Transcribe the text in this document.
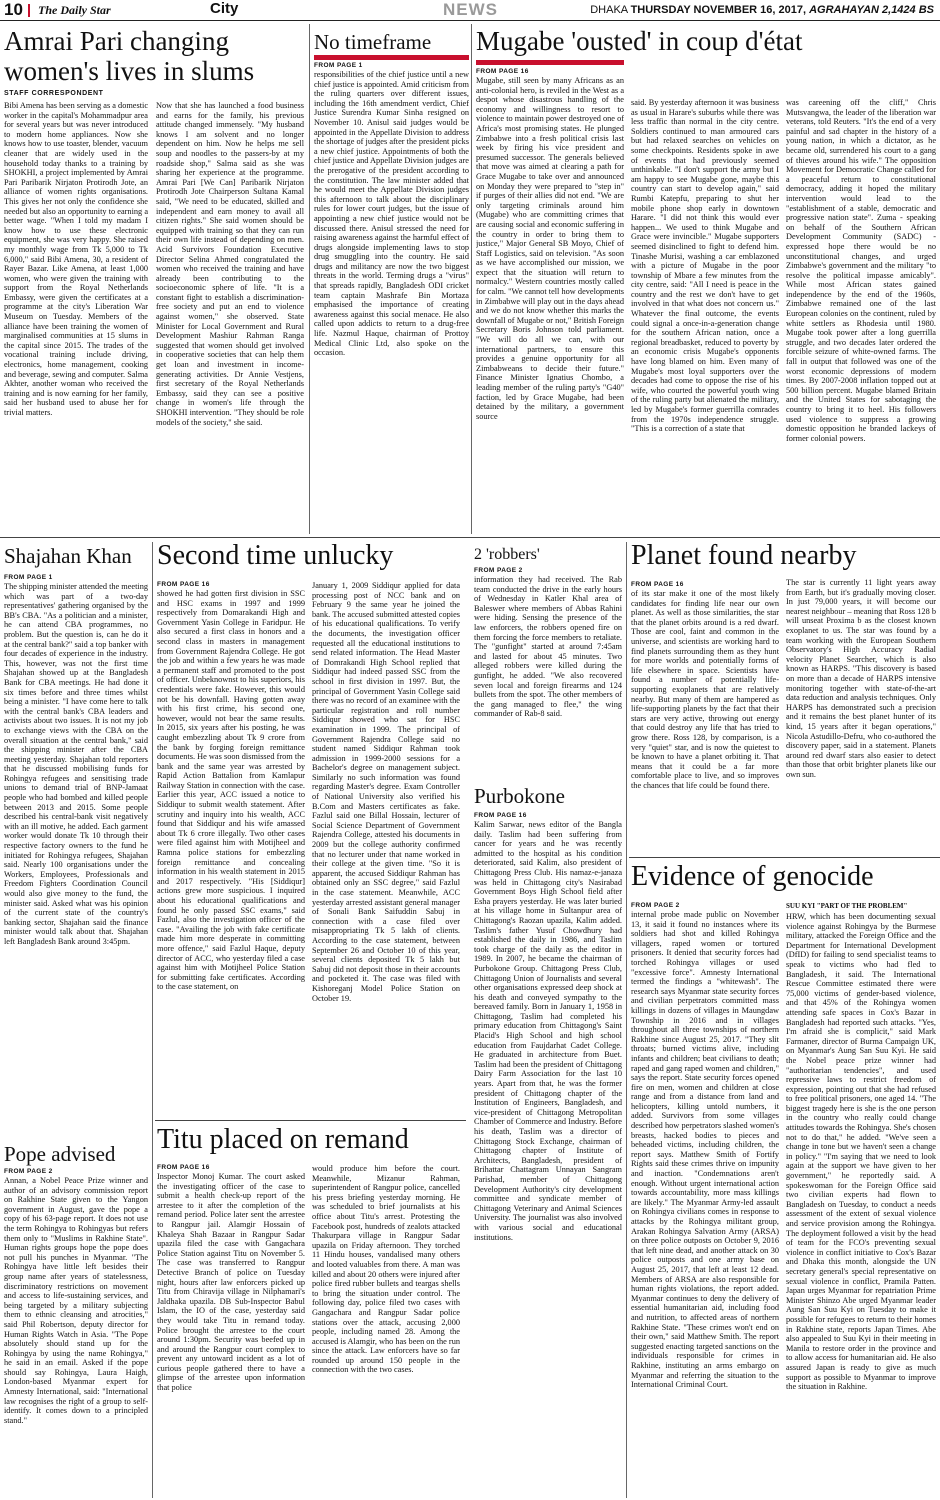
10 The Daily Star	City	NEWS	DHAKA THURSDAY NOVEMBER 16, 2017, AGRAHAYAN 2,1424 BS
Amrai Pari changing
women's lives in slums
STAFF CORRESPONDENT
Bibi Amena has been serving as a domestic worker in the capital's Mohammadpur area for several years but was never introduced to modern home appliances. Now she knows how to use toaster, blender, vacuum cleaner that are widely used in the household today thanks to a training by SHOKHI, a project implemented by Amrai Pari Paribarik Nirjaton Protirodh Jote, an alliance of women rights organisations. This gives her not only the confidence she needed but also an opportunity to earning a better wage. "When I told my madam I know how to use these electronic equipment, she was very happy. She raised my monthly wage from Tk 5,000 to Tk 6,000," said Bibi Amena, 30, a resident of Rayer Bazar. Like Amena, at least 1,000 women, who were given the training with support from the Royal Netherlands Embassy, were given the certificates at a programme at the city's Liberation War Museum on Tuesday. Members of the alliance have been training the women of marginalised communities at 15 slums in the capital since 2015. The trades of the vocational training include driving, electronics, home management, cooking and beverage, sewing and computer. Salma Akhter, another woman who received the training and is now earning for her family, said her husband used to abuse her for trivial matters.
Now that she has launched a food business and earns for the family, his previous attitude changed immensely. "My husband knows I am solvent and no longer dependent on him. Now he helps me sell soup and noodles to the passers-by at my roadside shop," Salma said as she was sharing her experience at the programme. Amrai Pari [We Can] Paribarik Nirjaton Protirodh Jote Chairperson Sultana Kamal said, "We need to be educated, skilled and independent and earn money to avail all citizen rights." She said women should be equipped with training so that they can run their own life instead of depending on men. Acid Survivors Foundation Executive Director Selina Ahmed congratulated the women who received the training and have already been contributing to the socioeconomic sphere of life. "It is a constant fight to establish a discrimination-free society and put an end to violence against women," she observed. State Minister for Local Government and Rural Development Mashiur Rahman Ranga suggested that women should get involved in cooperative societies that can help them get loan and investment in income-generating activities. Dr Annie Vestjens, first secretary of the Royal Netherlands Embassy, said they can see a positive change in women's life through the SHOKHI intervention. "They should be role models of the society," she said.
No timeframe
FROM PAGE 1
responsibilities of the chief justice until a new chief justice is appointed. Amid criticism from the ruling quarters over different issues, including the 16th amendment verdict, Chief Justice Surendra Kumar Sinha resigned on November 10. Anisul said judges would be appointed in the Appellate Division to address the shortage of judges after the president picks a new chief justice. Appointments of both the chief justice and Appellate Division judges are the prerogative of the president according to the constitution. The law minister added that he would meet the Appellate Division judges this afternoon to talk about the disciplinary rules for lower court judges, but the issue of appointing a new chief justice would not be discussed there. Anisul stressed the need for raising awareness against the harmful effect of drugs alongside implementing laws to stop drug smuggling into the country. He said drugs and militancy are now the two biggest threats in the world. Terming drugs a "virus" that spreads rapidly, Bangladesh ODI cricket team captain Mashrafe Bin Mortaza emphasised the importance of creating awareness against this social menace. He also called upon addicts to return to a drug-free life. Nazmul Haque, chairman of Prottoy Medical Clinic Ltd, also spoke on the occasion.
Mugabe 'ousted' in coup d'état
FROM PAGE 16
Mugabe, still seen by many Africans as an anti-colonial hero, is reviled in the West as a despot whose disastrous handling of the economy and willingness to resort to violence to maintain power destroyed one of Africa's most promising states. He plunged Zimbabwe into a fresh political crisis last week by firing his vice president and presumed successor. The generals believed that move was aimed at clearing a path for Grace Mugabe to take over and announced on Monday they were prepared to "step in" if purges of their allies did not end. "We are only targeting criminals around him (Mugabe) who are committing crimes that are causing social and economic suffering in the country in order to bring them to justice," Major General SB Moyo, Chief of Staff Logistics, said on television. "As soon as we have accomplished our mission, we expect that the situation will return to normalcy." Western countries mostly called for calm. "We cannot tell how developments in Zimbabwe will play out in the days ahead and we do not know whether this marks the downfall of Mugabe or not," British Foreign Secretary Boris Johnson told parliament. "We will do all we can, with our international partners, to ensure this provides a genuine opportunity for all Zimbabweans to decide their future." Finance Minister Ignatius Chombo, a leading member of the ruling party's "G40" faction, led by Grace Mugabe, had been detained by the military, a government source
said. By yesterday afternoon it was business as usual in Harare's suburbs while there was less traffic than normal in the city centre. Soldiers continued to man armoured cars but had relaxed searches on vehicles on some checkpoints. Residents spoke in awe of events that had previously seemed unthinkable. "I don't support the army but I am happy to see Mugabe gone, maybe this country can start to develop again," said Rumbi Katepfu, preparing to shut her mobile phone shop early in downtown Harare. "I did not think this would ever happen... We used to think Mugabe and Grace were invincible." Mugabe supporters seemed disinclined to fight to defend him. Tinashe Murisi, washing a car emblazoned with a picture of Mugabe in the poor township of Mbare a few minutes from the city centre, said: "All I need is peace in the country and the rest we don't have to get involved in that what does not concern us." Whatever the final outcome, the events could signal a once-in-a-generation change for the southern African nation, once a regional breadbasket, reduced to poverty by an economic crisis Mugabe's opponents have long blamed on him. Even many of Mugabe's most loyal supporters over the decades had come to oppose the rise of his wife, who courted the powerful youth wing of the ruling party but alienated the military, led by Mugabe's former guerrilla comrades from the 1970s independence struggle. "This is a correction of a state that
was careening off the cliff," Chris Mutsvangwa, the leader of the liberation war veterans, told Reuters. "It's the end of a very painful and sad chapter in the history of a young nation, in which a dictator, as he became old, surrendered his court to a gang of thieves around his wife." The opposition Movement for Democratic Change called for a peaceful return to constitutional democracy, adding it hoped the military intervention would lead to the "establishment of a stable, democratic and progressive nation state". Zuma - speaking on behalf of the Southern African Development Community (SADC) - expressed hope there would be no unconstitutional changes, and urged Zimbabwe's government and the military "to resolve the political impasse amicably". While most African states gained independence by the end of the 1960s, Zimbabwe remained one of the last European colonies on the continent, ruled by white settlers as Rhodesia until 1980. Mugabe took power after a long guerrilla struggle, and two decades later ordered the forcible seizure of white-owned farms. The fall in output that followed was one of the worst economic depressions of modern times. By 2007-2008 inflation topped out at 500 billion percent. Mugabe blamed Britain and the United States for sabotaging the country to bring it to heel. His followers used violence to suppress a growing domestic opposition he branded lackeys of former colonial powers.
Shajahan Khan
FROM PAGE 1
The shipping minister attended the meeting which was part of a two-day representatives' gathering organised by the BB's CBA. "As a politician and a minister, he can attend CBA programmes, no problem. But the question is, can he do it at the central bank?" said a top banker with four decades of experience in the industry. This, however, was not the first time Shajahan showed up at the Bangladesh Bank for CBA meetings. He had done it six times before and three times whilst being a minister. "I have come here to talk with the central bank's CBA leaders and activists about two issues. It is not my job to exchange views with the CBA on the overall situation at the central bank," said the shipping minister after the CBA meeting yesterday. Shajahan told reporters that he discussed mobilising funds for Rohingya refugees and sensitising trade unions to demand trial of BNP-Jamaat people who had bombed and killed people between 2013 and 2015. Some people described his central-bank visit negatively with an ill motive, he added. Each garment worker would donate Tk 10 through their respective factory owners to the fund he initiated for Rohingya refugees, Shajahan said. Nearly 100 organisations under the Workers, Employees, Professionals and Freedom Fighters Coordination Council would also give money to the fund, the minister said. Asked what was his opinion of the current state of the country's banking sector, Shajahan said the finance minister would talk about that. Shajahan left Bangladesh Bank around 3:45pm.
Pope advised
FROM PAGE 2
Annan, a Nobel Peace Prize winner and author of an advisory commission report on Rakhine State given to the Yangon government in August, gave the pope a copy of his 63-page report. It does not use the term Rohingya to Rohingyas but refers them only to "Muslims in Rakhine State". Human rights groups hope the pope does not pull his punches in Myanmar. "The Rohingya have little left besides their group name after years of statelessness, discriminatory restrictions on movement and access to life-sustaining services, and being targeted by a military subjecting them to ethnic cleansing and atrocities," said Phil Robertson, deputy director for Human Rights Watch in Asia. "The Pope absolutely should stand up for the Rohingya by using the name Rohingya," he said in an email. Asked if the pope should say Rohingya, Laura Haigh, London-based Myanmar expert for Amnesty International, said: "International law recognises the right of a group to self-identify. It comes down to a principled stand."
Second time unlucky
FROM PAGE 16
showed he had gotten first division in SSC and HSC exams in 1997 and 1999 respectively from Domarakandi High and Government Yasin College in Faridpur. He also secured a first class in honors and a second class in masters in management from Government Rajendra College. He got the job and within a few years he was made a permanent staff and promoted to the post of officer. Unbeknownst to his superiors, his credentials were fake. However, this would not be his downfall. Having gotten away with his first crime, his second one, however, would not bear the same results. In 2015, six years after his posting, he was caught embezzling about Tk 9 crore from the bank by forging foreign remittance documents. He was soon dismissed from the bank and the same year was arrested by Rapid Action Battalion from Kamlapur Railway Station in connection with the case. Earlier this year, ACC issued a notice to Siddiqur to submit wealth statement. After scrutiny and inquiry into his wealth, ACC found that Siddiqur and his wife amassed about Tk 6 crore illegally. Two other cases were filed against him with Motijheel and Ramna police stations for embezzling foreign remittance and concealing information in his wealth statement in 2015 and 2017 respectively. "His [Siddiqur] actions grew more suspicious. I inquired about his educational qualifications and found he only passed SSC exams," said Fazlul, also the investigation officer of the case. "Availing the job with fake certificate made him more desperate in committing more offence," said Fazlul Haque, deputy director of ACC, who yesterday filed a case against him with Motijheel Police Station for submitting fake certificates. According to the case statement, on
January 1, 2009 Siddiqur applied for data processing post of NCC bank and on February 9 the same year he joined the bank. The accused submitted attested copies of his educational qualifications. To verify the documents, the investigation officer requested all the educational institutions to send related information. The Head Master of Domrakandi High School replied that Siddiqur had indeed passed SSC from the school in first division in 1997. But, the principal of Government Yasin College said there was no record of an examinee with the particular registration and roll number Siddiqur showed who sat for HSC examination in 1999. The principal of Government Rajendra College said no student named Siddiqur Rahman took admission in 1999-2000 sessions for a Bachelor's degree on management subject. Similarly no such information was found regarding Master's degree. Exam Controller of National University also verified his B.Com and Masters certificates as fake. Fazlul said one Billal Hossain, lecturer of Social Science Department of Government Rajendra College, attested his documents in 2009 but the college authority confirmed that no lecturer under that name worked in their college at the given time. "So it is apparent, the accused Siddiqur Rahman has obtained only an SSC degree," said Fazlul in the case statement. Meanwhile, ACC yesterday arrested assistant general manager of Sonali Bank Saifuddin Sabuj in connection with a case filed over misappropriating Tk 5 lakh of clients. According to the case statement, between September 26 and October 10 of this year, several clients deposited Tk 5 lakh but Sabuj did not deposit those in their accounts and pocketed it. The case was filed with Kishoreganj Model Police Station on October 19.
2 'robbers'
FROM PAGE 2
information they had received. The Rab team conducted the drive in the early hours of Wednesday in Katler Khal area of Baleswer where members of Abbas Rahini were hiding. Sensing the presence of the law enforcers, the robbers opened fire on them forcing the force members to retaliate. The "gunfight" started at around 7:45am and lasted for about 45 minutes. Two alleged robbers were killed during the gunfight, he added. "We also recovered seven local and foreign firearms and 124 bullets from the spot. The other members of the gang managed to flee," the wing commander of Rab-8 said.
Purbokone
FROM PAGE 16
Kalim Sarwar, news editor of the Bangla daily. Taslim had been suffering from cancer for years and he was recently admitted to the hospital as his condition deteriorated, said Kalim, also president of Chittagong Press Club. His namaz-e-janaza was held in Chittagong city's Nasirabad Government Boys High School field after Esha prayers yesterday. He was later buried at his village home in Sultanpur area of Chittagong's Raozan upazila, Kalim added. Taslim's father Yusuf Chowdhury had established the daily in 1986, and Taslim took charge of the daily as the editor in 1989. In 2007, he became the chairman of Purbokone Group. Chittagong Press Club, Chittagong Union of Journalists and several other organisations expressed deep shock at his death and conveyed sympathy to the bereaved family. Born in January 1, 1958 in Chittagong, Taslim had completed his primary education from Chittagong's Saint Placid's High School and high school education from Faujdarhat Cadet College. He graduated in architecture from Buet. Taslim had been the president of Chittagong Dairy Farm Association for the last 10 years. Apart from that, he was the former president of Chittagong chapter of the Institution of Engineers, Bangladesh, and vice-president of Chittagong Metropolitan Chamber of Commerce and Industry. Before his death, Taslim was a director of Chittagong Stock Exchange, chairman of Chittagong chapter of Institute of Architects, Bangladesh, president of Brihattar Chattagram Unnayan Sangram Parishad, member of Chittagong Development Authority's city development committee and syndicate member of Chittagong Veterinary and Animal Sciences University. The journalist was also involved with various social and educational institutions.
Planet found nearby
FROM PAGE 16
of its star make it one of the most likely candidates for finding life near our own planet. As well as those similarities, the star that the planet orbits around is a red dwarf. Those are cool, faint and common in the universe, and scientists are working hard to find planets surrounding them as they hunt for more worlds and potentially forms of life elsewhere in space. Scientists have found a number of potentially life-supporting exoplanets that are relatively nearby. But many of them are hampered as life-supporting planets by the fact that their stars are very active, throwing out energy that could destroy any life that has tried to grow there. Ross 128, by comparison, is a very "quiet" star, and is now the quietest to be known to have a planet orbiting it. That means that it could be a far more comfortable place to live, and so improves the chances that life could be found there.
The star is currently 11 light years away from Earth, but it's gradually moving closer. In just 79,000 years, it will become our nearest neighbour – meaning that Ross 128 b will unseat Proxima b as the closest known exoplanet to us. The star was found by a team working with the European Southern Observatory's High Accuracy Radial velocity Planet Searcher, which is also known as HARPS. "This discovery is based on more than a decade of HARPS intensive monitoring together with state-of-the-art data reduction and analysis techniques. Only HARPS has demonstrated such a precision and it remains the best planet hunter of its kind, 15 years after it began operations," Nicola Astudillo-Defru, who co-authored the discovery paper, said in a statement. Planets around red dwarf stars also easier to detect than those that orbit brighter planets like our own sun.
Evidence of genocide
FROM PAGE 2
internal probe made public on November 13, it said it found no instances where its soldiers had shot and killed Rohingya villagers, raped women or tortured prisoners. It denied that security forces had torched Rohingya villages or used "excessive force". Amnesty International termed the findings a "whitewash". The research says Myanmar state security forces and civilian perpetrators committed mass killings in dozens of villages in Maungdaw Township in 2016 and in villages throughout all three townships of northern Rakhine since August 25, 2017. "They slit throats; burned victims alive, including infants and children; beat civilians to death; raped and gang raped women and children," says the report. State security forces opened fire on men, women and children at close range and from a distance from land and helicopters, killing untold numbers, it added. Survivors from some villages described how perpetrators slashed women's breasts, hacked bodies to pieces and beheaded victims, including children, the report says. Matthew Smith of Fortify Rights said these crimes thrive on impunity and inaction. "Condemnations aren't enough. Without urgent international action towards accountability, more mass killings are likely." The Myanmar Army-led assault on Rohingya civilians comes in response to attacks by the Rohingya militant group, Arakan Rohingya Salvation Army (ARSA) on three police outposts on October 9, 2016 that left nine dead, and another attack on 30 police outposts and one army base on August 25, 2017, that left at least 12 dead. Members of ARSA are also responsible for human rights violations, the report added. Myanmar continues to deny the delivery of essential humanitarian aid, including food and nutrition, to affected areas of northern Rakhine State. "These crimes won't end on their own," said Matthew Smith. The report suggested enacting targeted sanctions on the individuals responsible for crimes in Rakhine, instituting an arms embargo on Myanmar and referring the situation to the International Criminal Court.
SUU KYI "PART OF THE PROBLEM"
HRW, which has been documenting sexual violence against Rohingya by the Burmese military, attacked the Foreign Office and the Department for International Development (DfID) for failing to send specialist teams to speak to victims who had fled to Bangladesh, it said. The International Rescue Committee estimated there were 75,000 victims of gender-based violence, and that 45% of the Rohingya women attending safe spaces in Cox's Bazar in Bangladesh had reported such attacks. "Yes, I'm afraid she is complicit," said Mark Farmaner, director of Burma Campaign UK, on Myanmar's Aung San Suu Kyi. He said the Nobel peace prize winner had "authoritarian tendencies", and used repressive laws to restrict freedom of expression, pointing out that she had refused to free political prisoners, one aged 14. "The biggest tragedy here is she is the one person in the country who really could change attitudes towards the Rohingya. She's chosen not to do that," he added. "We've seen a change in tone but we haven't seen a change in policy." "I'm saying that we need to look again at the support we have given to her government," he reportedly said. A spokeswoman for the Foreign Office said two civilian experts had flown to Bangladesh on Tuesday, to conduct a needs assessment of the extent of sexual violence and service provision among the Rohingya. The deployment followed a visit by the head of team for the FCO's preventing sexual violence in conflict initiative to Cox's Bazar and Dhaka this month, alongside the UN secretary general's special representative on sexual violence in conflict, Pramila Patten. Japan urges Myanmar for repatriation Prime Minister Shinzo Abe urged Myanmar leader Aung San Suu Kyi on Tuesday to make it possible for refugees to return to their homes in Rakhine state, reports Japan Times. Abe also appealed to Suu Kyi in their meeting in Manila to restore order in the province and to allow access for humanitarian aid. He also assured Japan is ready to give as much support as possible to Myanmar to improve the situation in Rakhine.
Titu placed on remand
FROM PAGE 16
Inspector Monoj Kumar. The court asked the investigating officer of the case to submit a health check-up report of the arrestee to it after the completion of the remand period. Police later sent the arrestee to Rangpur jail. Alamgir Hossain of Khaleya Shah Bazaar in Rangpur Sadar upazila filed the case with Gangachara Police Station against Titu on November 5. The case was transferred to Rangpur Detective Branch of police on Tuesday night, hours after law enforcers picked up Titu from Chiravija village in Nilphamari's Jaldhaka upazila. DB Sub-Inspector Babul Islam, the IO of the case, yesterday said they would take Titu in remand today. Police brought the arrestee to the court around 1:30pm. Security was beefed up in and around the Rangpur court complex to prevent any untoward incident as a lot of curious people gathered there to have a glimpse of the arrestee upon information that police
would produce him before the court. Meanwhile, Mizanur Rahman, superintendent of Rangpur police, cancelled his press briefing yesterday morning. He was scheduled to brief journalists at his office about Titu's arrest. Protesting the Facebook post, hundreds of zealots attacked Thakurpara village in Rangpur Sadar upazila on Friday afternoon. They torched 11 Hindu houses, vandalised many others and looted valuables from there. A man was killed and about 20 others were injured after police fired rubber bullets and teargas shells to bring the situation under control. The following day, police filed two cases with Gangachara and Rangpur Sadar police stations over the attack, accusing 2,000 people, including named 28. Among the accused is Alamgir, who has been on the run since the attack. Law enforcers have so far rounded up around 150 people in the connection with the two cases.
